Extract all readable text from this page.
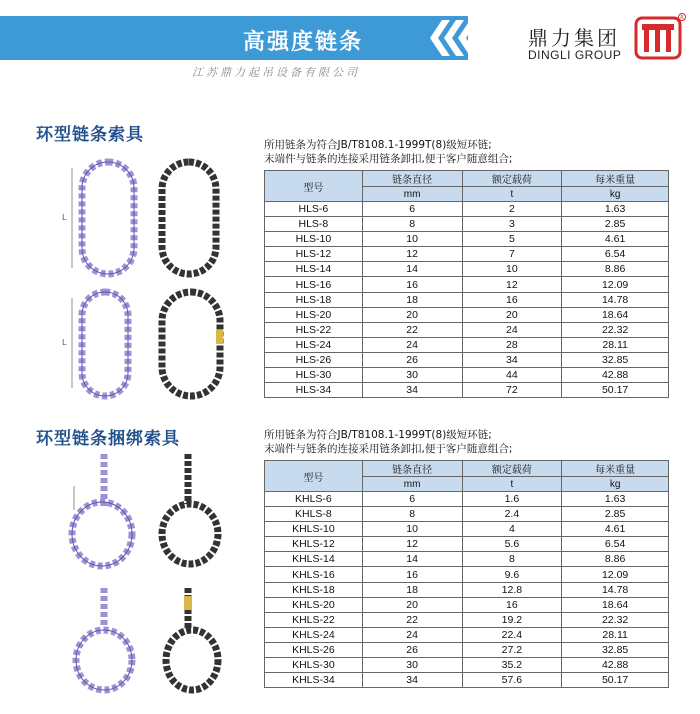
高强度链条	鼎力集团
DINGLI GROUP
R
江苏鼎力起吊设备有限公司
环型链条索具	所用链条为符合JB/T8108.1-1999T(8)级短环链;
末端件与链条的连接采用链条卸扣,便于客户随意组合;
L
L
型号	链条直径	额定载荷	每米重量
	mm	t	kg
HLS-6	6	2	1.63
HLS-8	8	3	2.85
HLS-10	10	5	4.61
HLS-12	12	7	6.54
HLS-14	14	10	8.86
HLS-16	16	12	12.09
HLS-18	18	16	14.78
HLS-20	20	20	18.64
HLS-22	22	24	22.32
HLS-24	24	28	28.11
HLS-26	26	34	32.85
HLS-30	30	44	42.88
HLS-34	34	72	50.17
环型链条捆绑索具	所用链条为符合JB/T8108.1-1999T(8)级短环链;
末端件与链条的连接采用链条卸扣,便于客户随意组合;
型号	链条直径	额定载荷	每米重量
	mm	t	kg
KHLS-6	6	1.6	1.63
KHLS-8	8	2.4	2.85
KHLS-10	10	4	4.61
KHLS-12	12	5.6	6.54
KHLS-14	14	8	8.86
KHLS-16	16	9.6	12.09
KHLS-18	18	12.8	14.78
KHLS-20	20	16	18.64
KHLS-22	22	19.2	22.32
KHLS-24	24	22.4	28.11
KHLS-26	26	27.2	32.85
KHLS-30	30	35.2	42.88
KHLS-34	34	57.6	50.17
